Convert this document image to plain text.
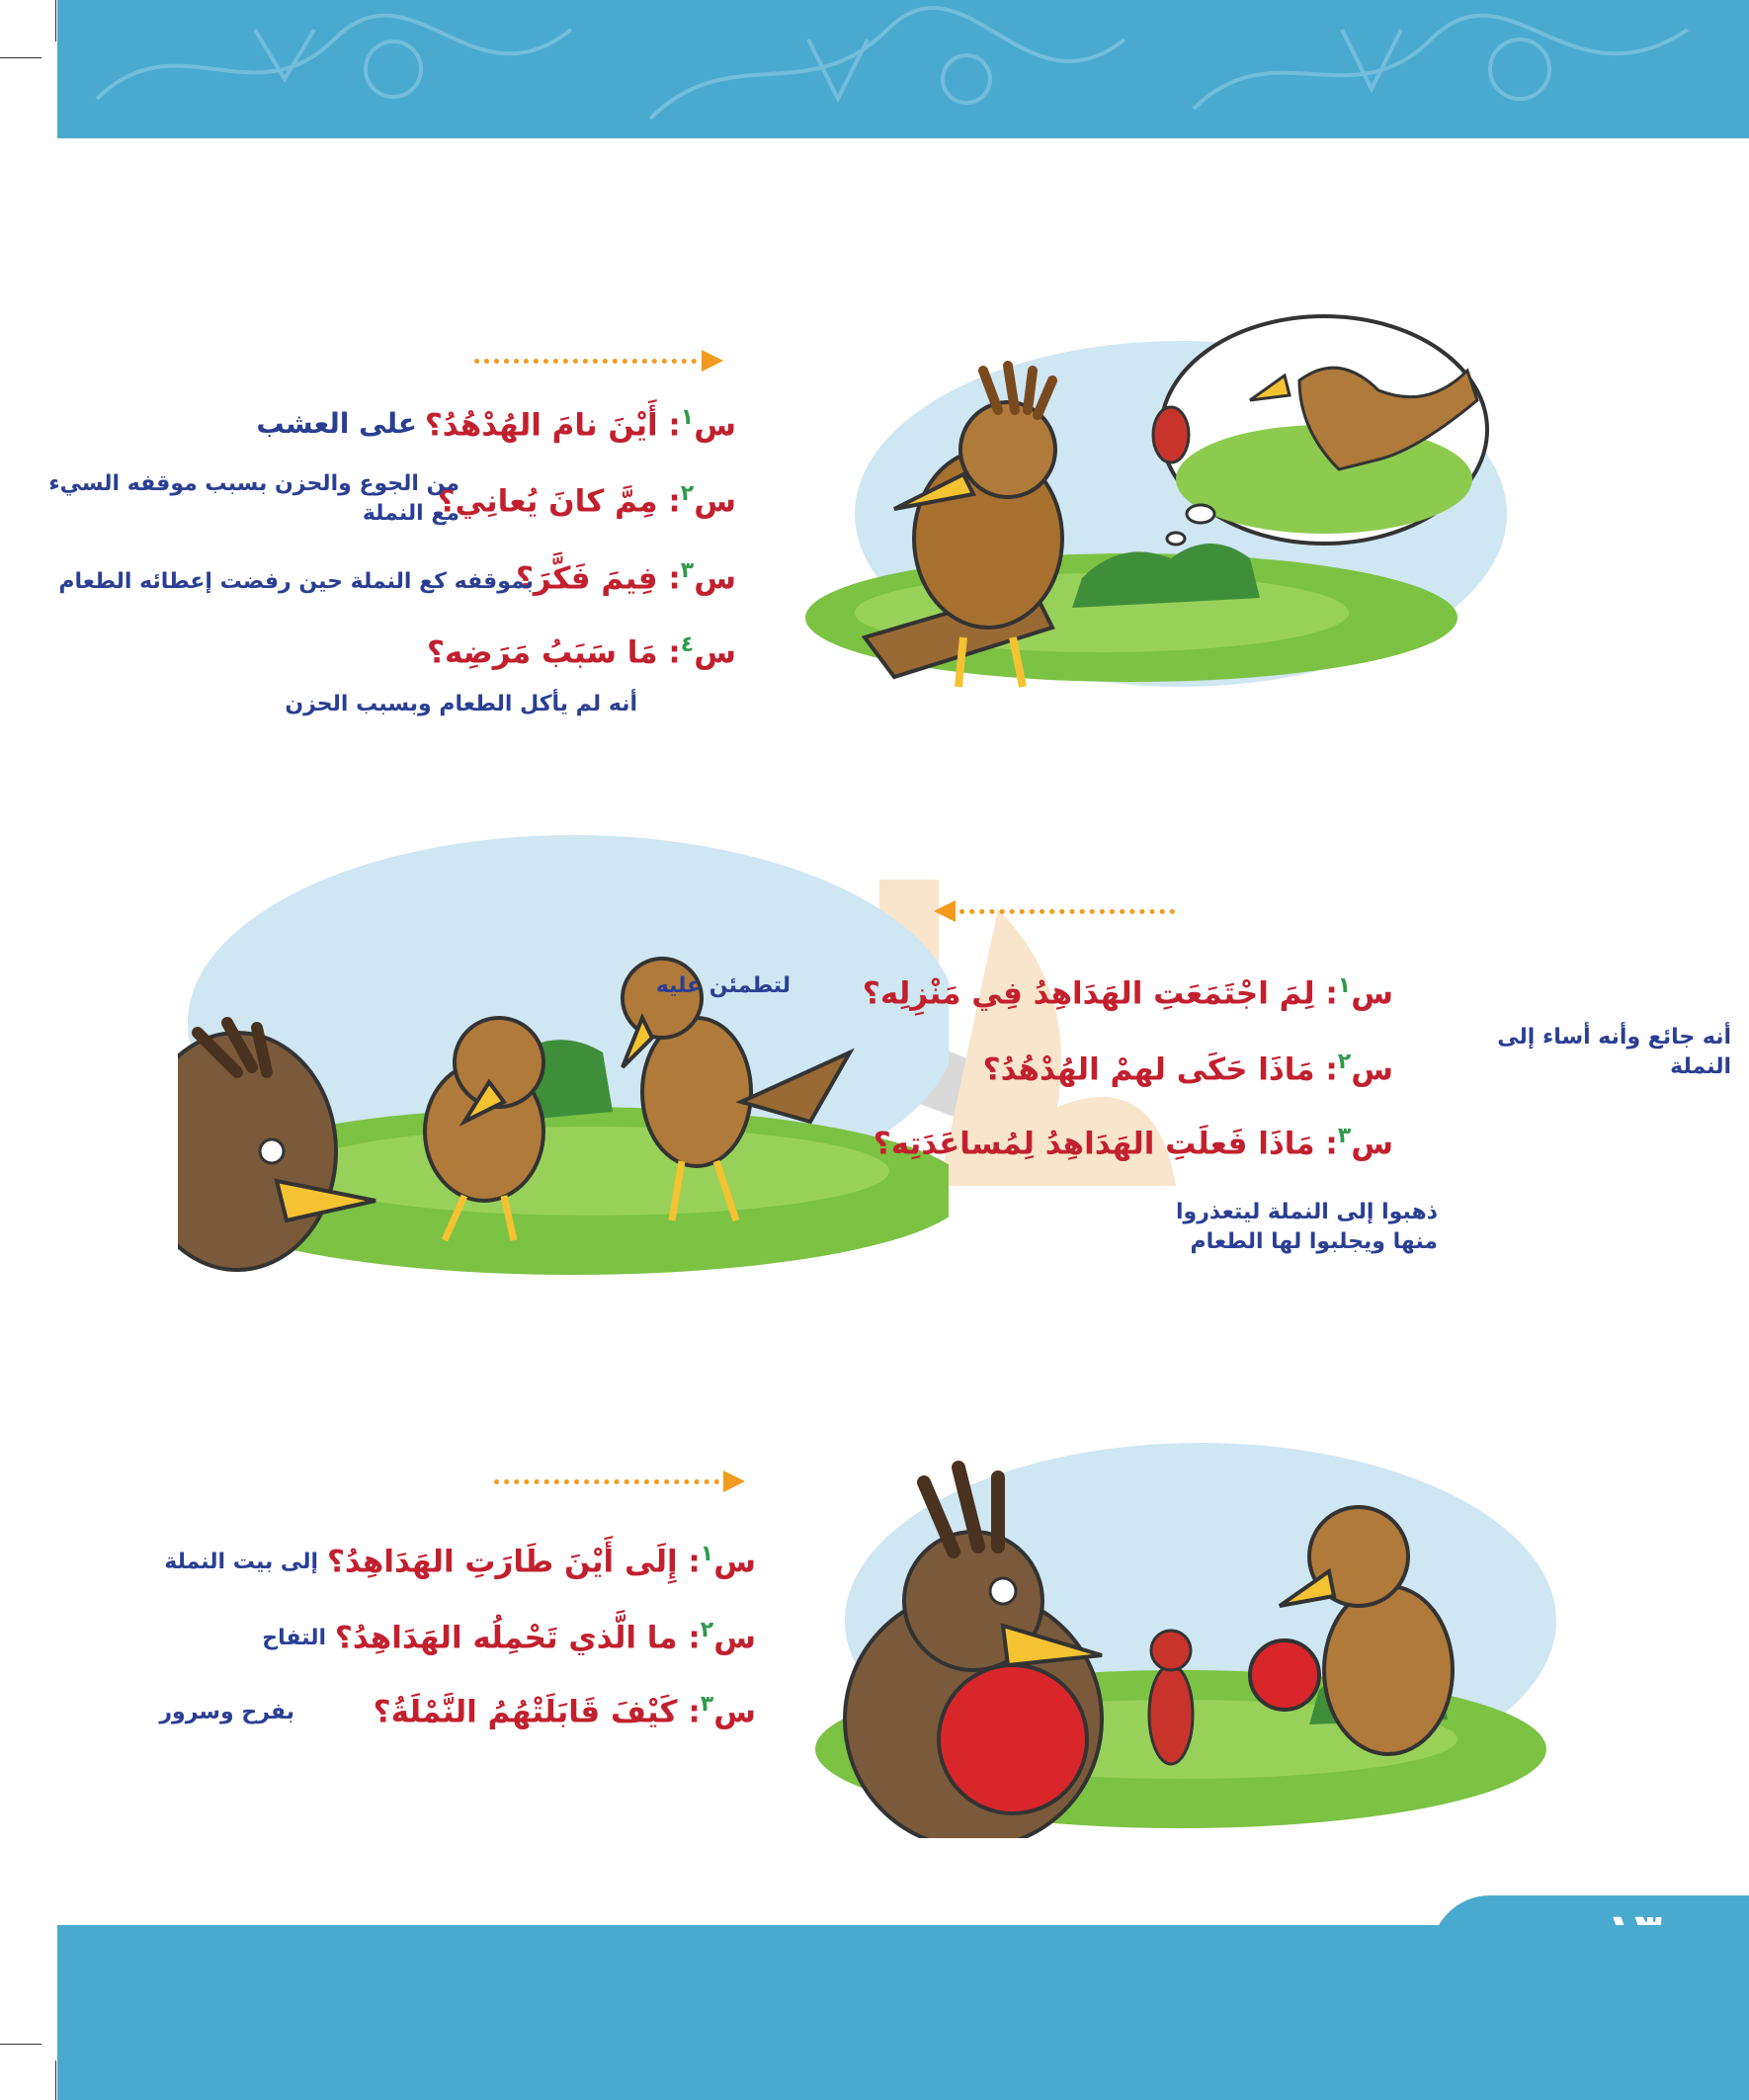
س$^١$: أَيْنَ نامَ الهُدْهُدُ؟
على العشب
س$^٢$: مِمَّ كانَ يُعانِي؟
من الجوع والحزن بسبب موقفه السيء مع النملة
س$^٣$: فِيمَ فَكَّرَ؟
بموقفه كع النملة حين رفضت إعطائه الطعام
س$^٤$: مَا سَبَبُ مَرَضِه؟
أنه لم يأكل الطعام وبسبب الحزن
س$^١$: لِمَ اجْتَمَعَتِ الهَدَاهِدُ فِي مَنْزِلِه؟
لتطمئن عليه
س$^٢$: مَاذَا حَكَى لهمْ الهُدْهُدُ؟
أنه جائع وأنه أساء إلى النملة
س$^٣$: مَاذَا فَعلَتِ الهَدَاهِدُ لِمُساعَدَتِه؟
ذهبوا إلى النملة ليتعذروا منها ويجلبوا لها الطعام
س$^١$: إِلَى أَيْنَ طَارَتِ الهَدَاهِدُ؟
إلى بيت النملة
س$^٢$: ما الَّذي تَحْمِلُه الهَدَاهِدُ؟
التفاح
س$^٣$: كَيْفَ قَابَلَتْهُمُ النَّمْلَةُ؟
بفرح وسرور
